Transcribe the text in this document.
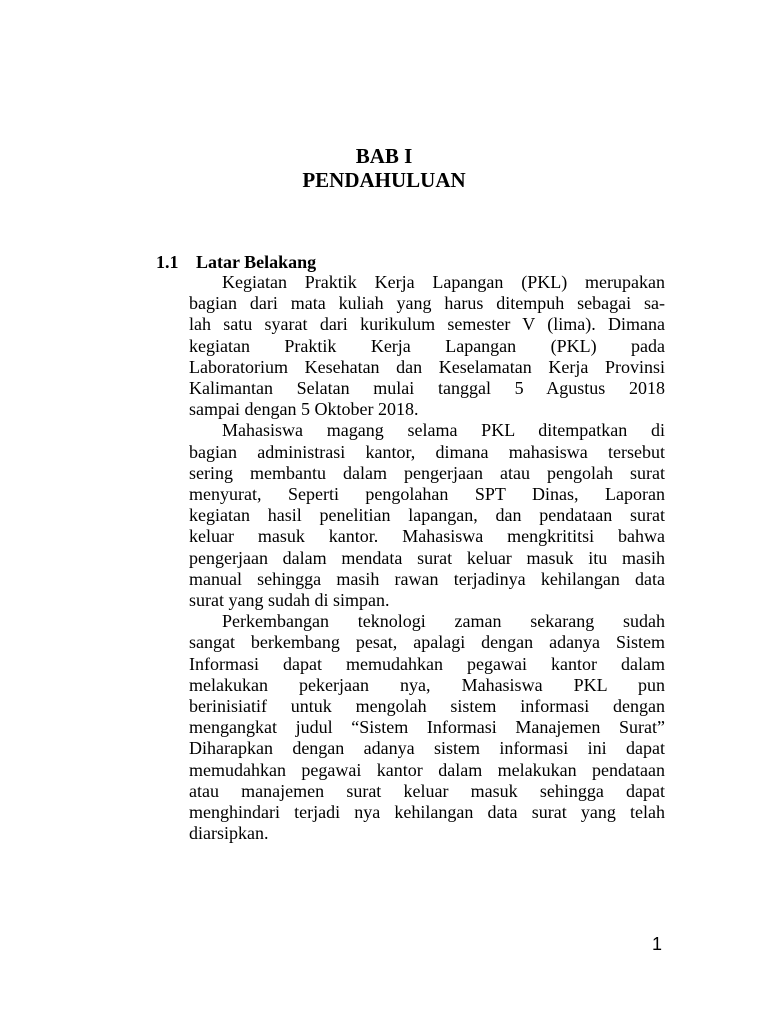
BAB I
PENDAHULUAN
1.1 Latar Belakang

Kegiatan Praktik Kerja Lapangan (PKL) merupakan
bagian dari mata kuliah yang harus ditempuh sebagai sa-
lah satu syarat dari kurikulum semester V (lima). Dimana
kegiatan Praktik Kerja Lapangan (PKL) pada
Laboratorium Kesehatan dan Keselamatan Kerja Provinsi
Kalimantan Selatan mulai tanggal 5 Agustus 2018
sampai dengan 5 Oktober 2018.

Mahasiswa magang selama PKL ditempatkan di
bagian administrasi kantor, dimana mahasiswa tersebut
sering membantu dalam pengerjaan atau pengolah surat
menyurat, Seperti pengolahan SPT Dinas, Laporan
kegiatan hasil penelitian lapangan, dan pendataan surat
keluar masuk kantor. Mahasiswa mengkrititsi bahwa
pengerjaan dalam mendata surat keluar masuk itu masih
manual sehingga masih rawan terjadinya kehilangan data
surat yang sudah di simpan.

Perkembangan teknologi zaman sekarang sudah
sangat berkembang pesat, apalagi dengan adanya Sistem
Informasi dapat memudahkan pegawai kantor dalam
melakukan pekerjaan nya, Mahasiswa PKL pun
berinisiatif untuk mengolah sistem informasi dengan
mengangkat judul “Sistem Informasi Manajemen Surat”
Diharapkan dengan adanya sistem informasi ini dapat
memudahkan pegawai kantor dalam melakukan pendataan
atau manajemen surat keluar masuk sehingga dapat
menghindari terjadi nya kehilangan data surat yang telah
diarsipkan.

1
